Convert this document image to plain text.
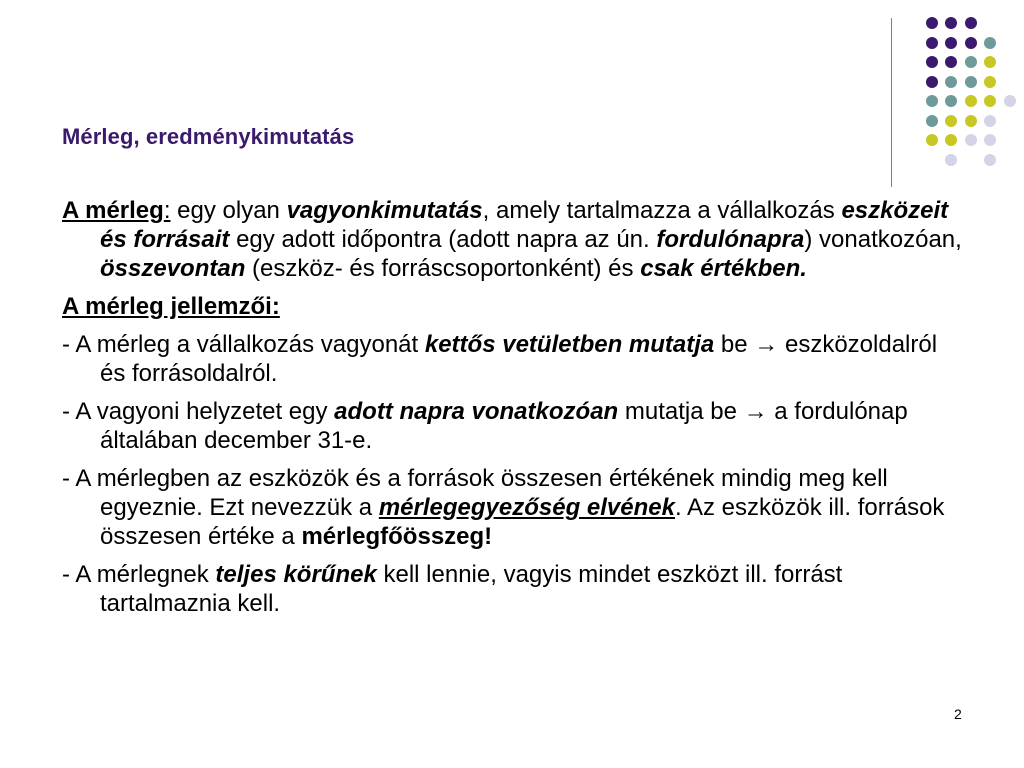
Mérleg, eredménykimutatás

A mérleg: egy olyan vagyonkimutatás, amely tartalmazza a vállalkozás eszközeit és forrásait egy adott időpontra (adott napra az ún. fordulónapra) vonatkozóan, összevontan (eszköz- és forráscsoportonként) és csak értékben.

A mérleg jellemzői:

- A mérleg a vállalkozás vagyonát kettős vetületben mutatja be → eszközoldalról és forrásoldalról.

- A vagyoni helyzetet egy adott napra vonatkozóan mutatja be → a fordulónap általában december 31-e.

- A mérlegben az eszközök és a források összesen értékének mindig meg kell egyeznie. Ezt nevezzük a mérlegegyezőség elvének. Az eszközök ill. források összesen értéke a mérlegfőösszeg!

- A mérlegnek teljes körűnek kell lennie, vagyis mindet eszközt ill. forrást tartalmaznia kell.

2
